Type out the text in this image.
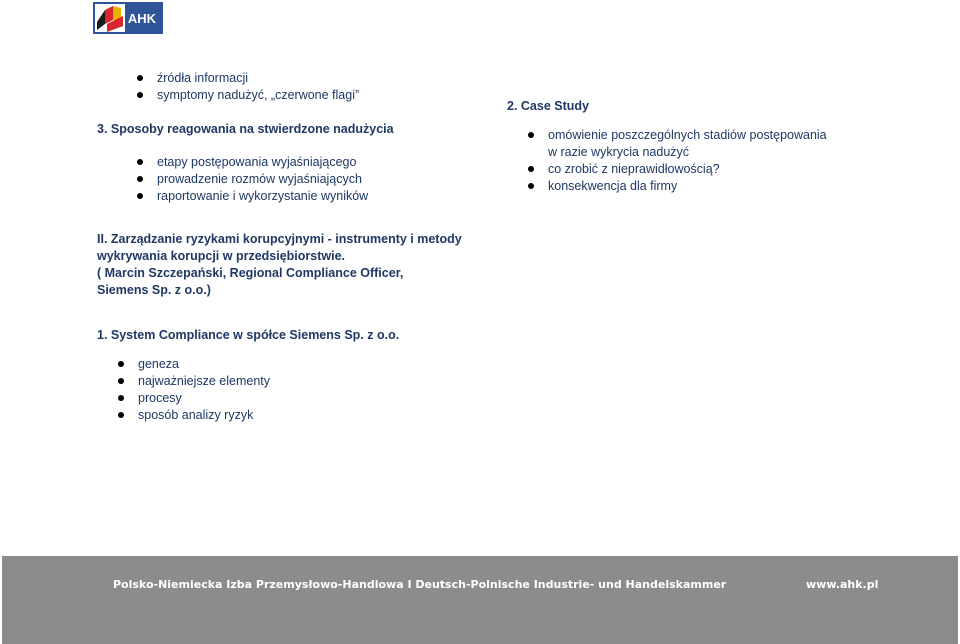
AHK
źródła informacji
symptomy nadużyć, „czerwone flagi”
3. Sposoby reagowania na stwierdzone nadużycia
etapy postępowania wyjaśniającego
prowadzenie rozmów wyjaśniających
raportowanie i wykorzystanie wyników
2. Case Study
omówienie poszczególnych stadiów postępowania
w razie wykrycia nadużyć
co zrobić z nieprawidłowością?
konsekwencja dla firmy
II. Zarządzanie ryzykami korupcyjnymi - instrumenty i metody
wykrywania korupcji w przedsiębiorstwie.
( Marcin Szczepański, Regional Compliance Officer,
Siemens Sp. z o.o.)
1. System Compliance w spółce Siemens Sp. z o.o.
geneza
najważniejsze elementy
procesy
sposób analizy ryzyk
Polsko-Niemiecka Izba Przemysłowo-Handlowa I Deutsch-Polnische Industrie- und Handelskammer	www.ahk.pl
